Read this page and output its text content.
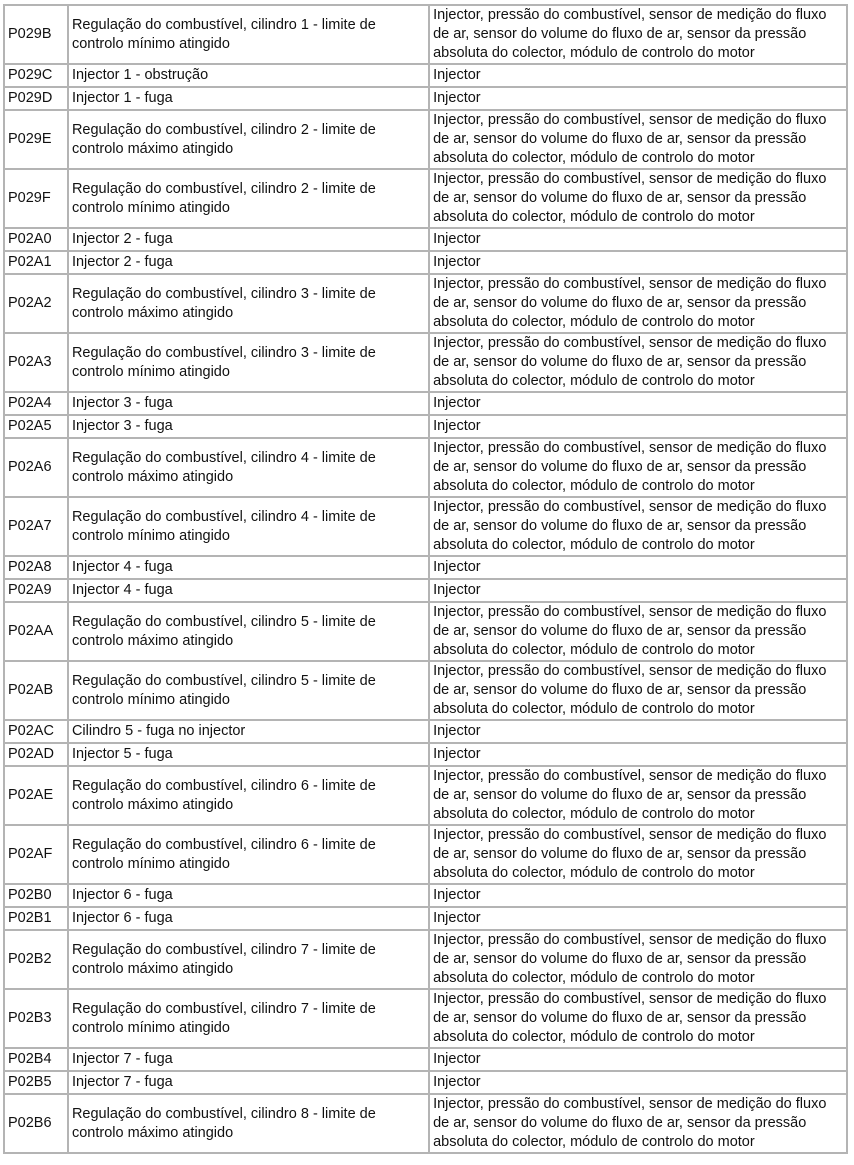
P029B	Regulação do combustível, cilindro 1 - limite de controlo mínimo atingido	Injector, pressão do combustível, sensor de medição do fluxo de ar, sensor do volume do fluxo de ar, sensor da pressão absoluta do colector, módulo de controlo do motor
P029C	Injector 1 - obstrução	Injector
P029D	Injector 1 - fuga	Injector
P029E	Regulação do combustível, cilindro 2 - limite de controlo máximo atingido	Injector, pressão do combustível, sensor de medição do fluxo de ar, sensor do volume do fluxo de ar, sensor da pressão absoluta do colector, módulo de controlo do motor
P029F	Regulação do combustível, cilindro 2 - limite de controlo mínimo atingido	Injector, pressão do combustível, sensor de medição do fluxo de ar, sensor do volume do fluxo de ar, sensor da pressão absoluta do colector, módulo de controlo do motor
P02A0	Injector 2 - fuga	Injector
P02A1	Injector 2 - fuga	Injector
P02A2	Regulação do combustível, cilindro 3 - limite de controlo máximo atingido	Injector, pressão do combustível, sensor de medição do fluxo de ar, sensor do volume do fluxo de ar, sensor da pressão absoluta do colector, módulo de controlo do motor
P02A3	Regulação do combustível, cilindro 3 - limite de controlo mínimo atingido	Injector, pressão do combustível, sensor de medição do fluxo de ar, sensor do volume do fluxo de ar, sensor da pressão absoluta do colector, módulo de controlo do motor
P02A4	Injector 3 - fuga	Injector
P02A5	Injector 3 - fuga	Injector
P02A6	Regulação do combustível, cilindro 4 - limite de controlo máximo atingido	Injector, pressão do combustível, sensor de medição do fluxo de ar, sensor do volume do fluxo de ar, sensor da pressão absoluta do colector, módulo de controlo do motor
P02A7	Regulação do combustível, cilindro 4 - limite de controlo mínimo atingido	Injector, pressão do combustível, sensor de medição do fluxo de ar, sensor do volume do fluxo de ar, sensor da pressão absoluta do colector, módulo de controlo do motor
P02A8	Injector 4 - fuga	Injector
P02A9	Injector 4 - fuga	Injector
P02AA	Regulação do combustível, cilindro 5 - limite de controlo máximo atingido	Injector, pressão do combustível, sensor de medição do fluxo de ar, sensor do volume do fluxo de ar, sensor da pressão absoluta do colector, módulo de controlo do motor
P02AB	Regulação do combustível, cilindro 5 - limite de controlo mínimo atingido	Injector, pressão do combustível, sensor de medição do fluxo de ar, sensor do volume do fluxo de ar, sensor da pressão absoluta do colector, módulo de controlo do motor
P02AC	Cilindro 5 - fuga no injector	Injector
P02AD	Injector 5 - fuga	Injector
P02AE	Regulação do combustível, cilindro 6 - limite de controlo máximo atingido	Injector, pressão do combustível, sensor de medição do fluxo de ar, sensor do volume do fluxo de ar, sensor da pressão absoluta do colector, módulo de controlo do motor
P02AF	Regulação do combustível, cilindro 6 - limite de controlo mínimo atingido	Injector, pressão do combustível, sensor de medição do fluxo de ar, sensor do volume do fluxo de ar, sensor da pressão absoluta do colector, módulo de controlo do motor
P02B0	Injector 6 - fuga	Injector
P02B1	Injector 6 - fuga	Injector
P02B2	Regulação do combustível, cilindro 7 - limite de controlo máximo atingido	Injector, pressão do combustível, sensor de medição do fluxo de ar, sensor do volume do fluxo de ar, sensor da pressão absoluta do colector, módulo de controlo do motor
P02B3	Regulação do combustível, cilindro 7 - limite de controlo mínimo atingido	Injector, pressão do combustível, sensor de medição do fluxo de ar, sensor do volume do fluxo de ar, sensor da pressão absoluta do colector, módulo de controlo do motor
P02B4	Injector 7 - fuga	Injector
P02B5	Injector 7 - fuga	Injector
P02B6	Regulação do combustível, cilindro 8 - limite de controlo máximo atingido	Injector, pressão do combustível, sensor de medição do fluxo de ar, sensor do volume do fluxo de ar, sensor da pressão absoluta do colector, módulo de controlo do motor
